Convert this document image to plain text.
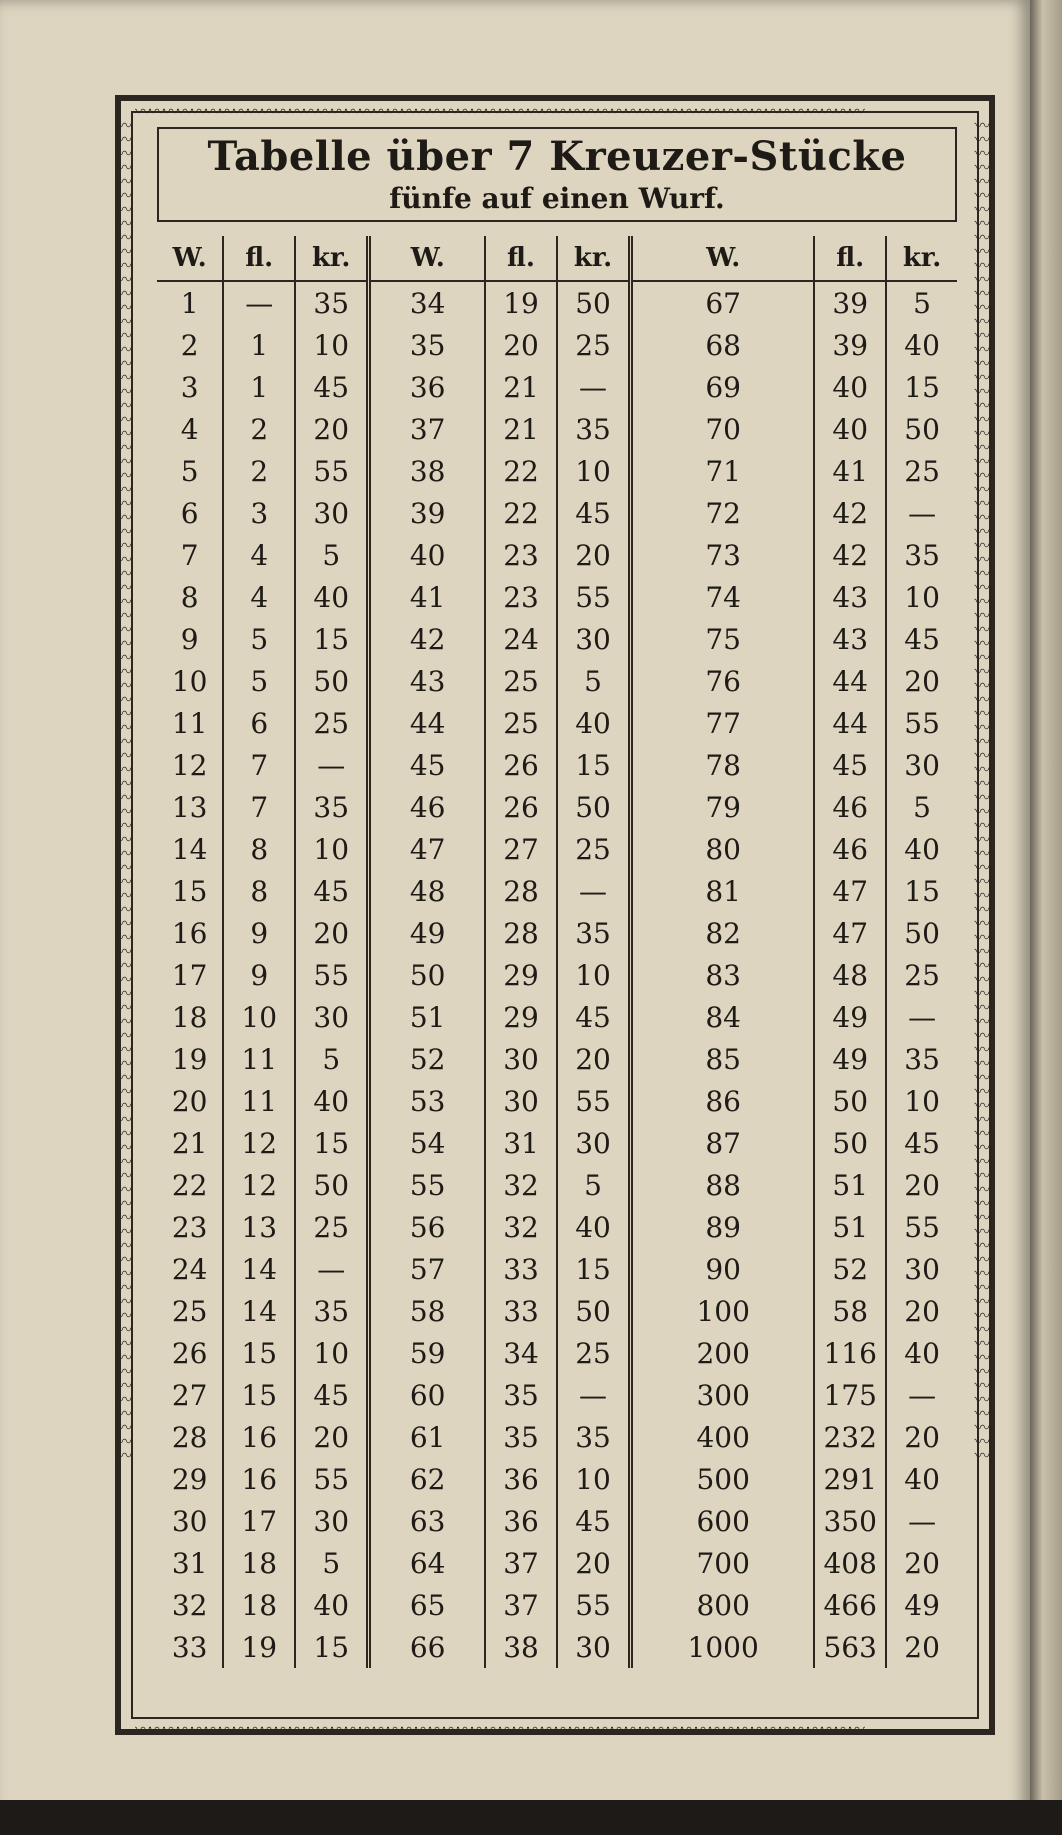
〰〰〰〰〰〰〰〰〰〰〰〰〰〰〰〰〰〰〰〰〰〰〰〰〰〰〰〰〰〰〰〰〰〰〰〰〰〰〰〰〰〰〰〰〰〰〰〰〰〰〰〰
〰〰〰〰〰〰〰〰〰〰〰〰〰〰〰〰〰〰〰〰〰〰〰〰〰〰〰〰〰〰〰〰〰〰〰〰〰〰〰〰〰〰〰〰〰〰〰〰〰〰〰〰
〰〰〰〰〰〰〰〰〰〰〰〰〰〰〰〰〰〰〰〰〰〰〰〰〰〰〰〰〰〰〰〰〰〰〰〰〰〰〰〰〰〰〰〰〰〰〰〰〰〰〰〰〰〰〰〰〰〰〰〰〰〰〰〰〰〰〰〰〰〰〰〰〰〰〰〰〰〰〰〰〰〰〰〰〰〰〰〰〰〰〰〰〰〰〰〰	〰〰〰〰〰〰〰〰〰〰〰〰〰〰〰〰〰〰〰〰〰〰〰〰〰〰〰〰〰〰〰〰〰〰〰〰〰〰〰〰〰〰〰〰〰〰〰〰〰〰〰〰〰〰〰〰〰〰〰〰〰〰〰〰〰〰〰〰〰〰〰〰〰〰〰〰〰〰〰〰〰〰〰〰〰〰〰〰〰〰〰〰〰〰〰〰
Tabelle über 7 Kreuzer-Stücke
fünfe auf einen Wurf.
W.	fl.	kr.	W.	fl.	kr.	W.	fl.	kr.
1	—	35	34	19	50	67	39	5
2	1	10	35	20	25	68	39	40
3	1	45	36	21	—	69	40	15
4	2	20	37	21	35	70	40	50
5	2	55	38	22	10	71	41	25
6	3	30	39	22	45	72	42	—
7	4	5	40	23	20	73	42	35
8	4	40	41	23	55	74	43	10
9	5	15	42	24	30	75	43	45
10	5	50	43	25	5	76	44	20
11	6	25	44	25	40	77	44	55
12	7	—	45	26	15	78	45	30
13	7	35	46	26	50	79	46	5
14	8	10	47	27	25	80	46	40
15	8	45	48	28	—	81	47	15
16	9	20	49	28	35	82	47	50
17	9	55	50	29	10	83	48	25
18	10	30	51	29	45	84	49	—
19	11	5	52	30	20	85	49	35
20	11	40	53	30	55	86	50	10
21	12	15	54	31	30	87	50	45
22	12	50	55	32	5	88	51	20
23	13	25	56	32	40	89	51	55
24	14	—	57	33	15	90	52	30
25	14	35	58	33	50	100	58	20
26	15	10	59	34	25	200	116	40
27	15	45	60	35	—	300	175	—
28	16	20	61	35	35	400	232	20
29	16	55	62	36	10	500	291	40
30	17	30	63	36	45	600	350	—
31	18	5	64	37	20	700	408	20
32	18	40	65	37	55	800	466	49
33	19	15	66	38	30	1000	563	20
